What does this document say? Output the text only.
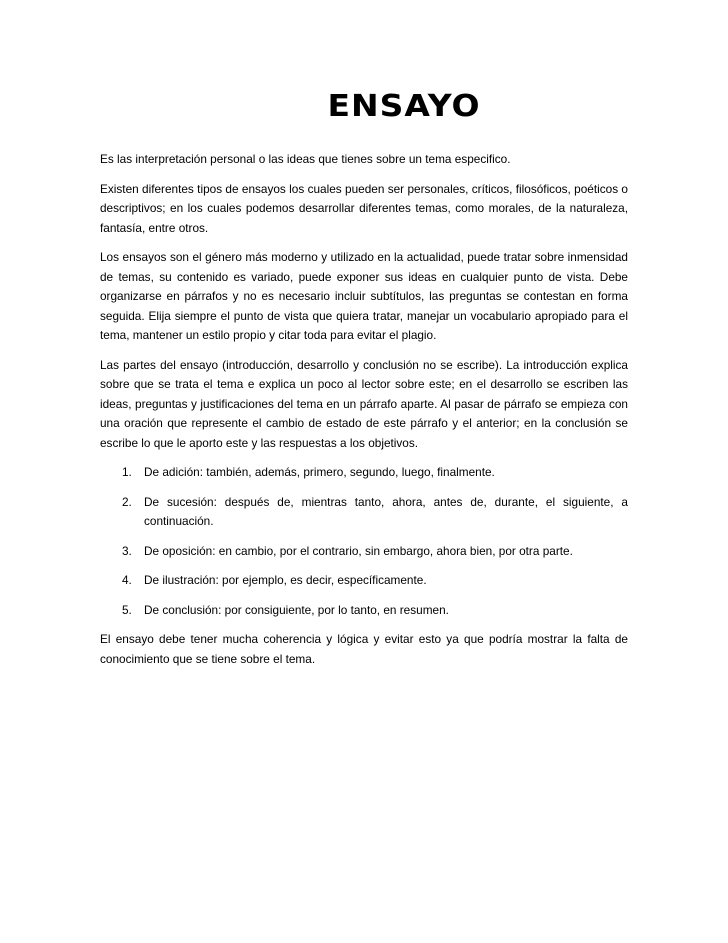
ENSAYO

Es las interpretación personal o las ideas que tienes sobre un tema especifico.

Existen diferentes tipos de ensayos los cuales pueden ser personales, críticos, filosóficos, poéticos o descriptivos; en los cuales podemos desarrollar diferentes temas, como morales, de la naturaleza, fantasía, entre otros.

Los ensayos son el género más moderno y utilizado en la actualidad, puede tratar sobre inmensidad de temas, su contenido es variado, puede exponer sus ideas en cualquier punto de vista. Debe organizarse en párrafos y no es necesario incluir subtítulos, las preguntas se contestan en forma seguida. Elija siempre el punto de vista que quiera tratar, manejar un vocabulario apropiado para el tema, mantener un estilo propio y citar toda para evitar el plagio.

Las partes del ensayo (introducción, desarrollo y conclusión no se escribe). La introducción explica sobre que se trata el tema e explica un poco al lector sobre este; en el desarrollo se escriben las ideas, preguntas y justificaciones del tema en un párrafo aparte. Al pasar de párrafo se empieza con una oración que represente el cambio de estado de este párrafo y el anterior; en la conclusión se escribe lo que le aporto este y las respuestas a los objetivos.

1. De adición: también, además, primero, segundo, luego, finalmente.
2. De sucesión: después de, mientras tanto, ahora, antes de, durante, el siguiente, a continuación.
3. De oposición: en cambio, por el contrario, sin embargo, ahora bien, por otra parte.
4. De ilustración: por ejemplo, es decir, específicamente.
5. De conclusión: por consiguiente, por lo tanto, en resumen.

El ensayo debe tener mucha coherencia y lógica y evitar esto ya que podría mostrar la falta de conocimiento que se tiene sobre el tema.
